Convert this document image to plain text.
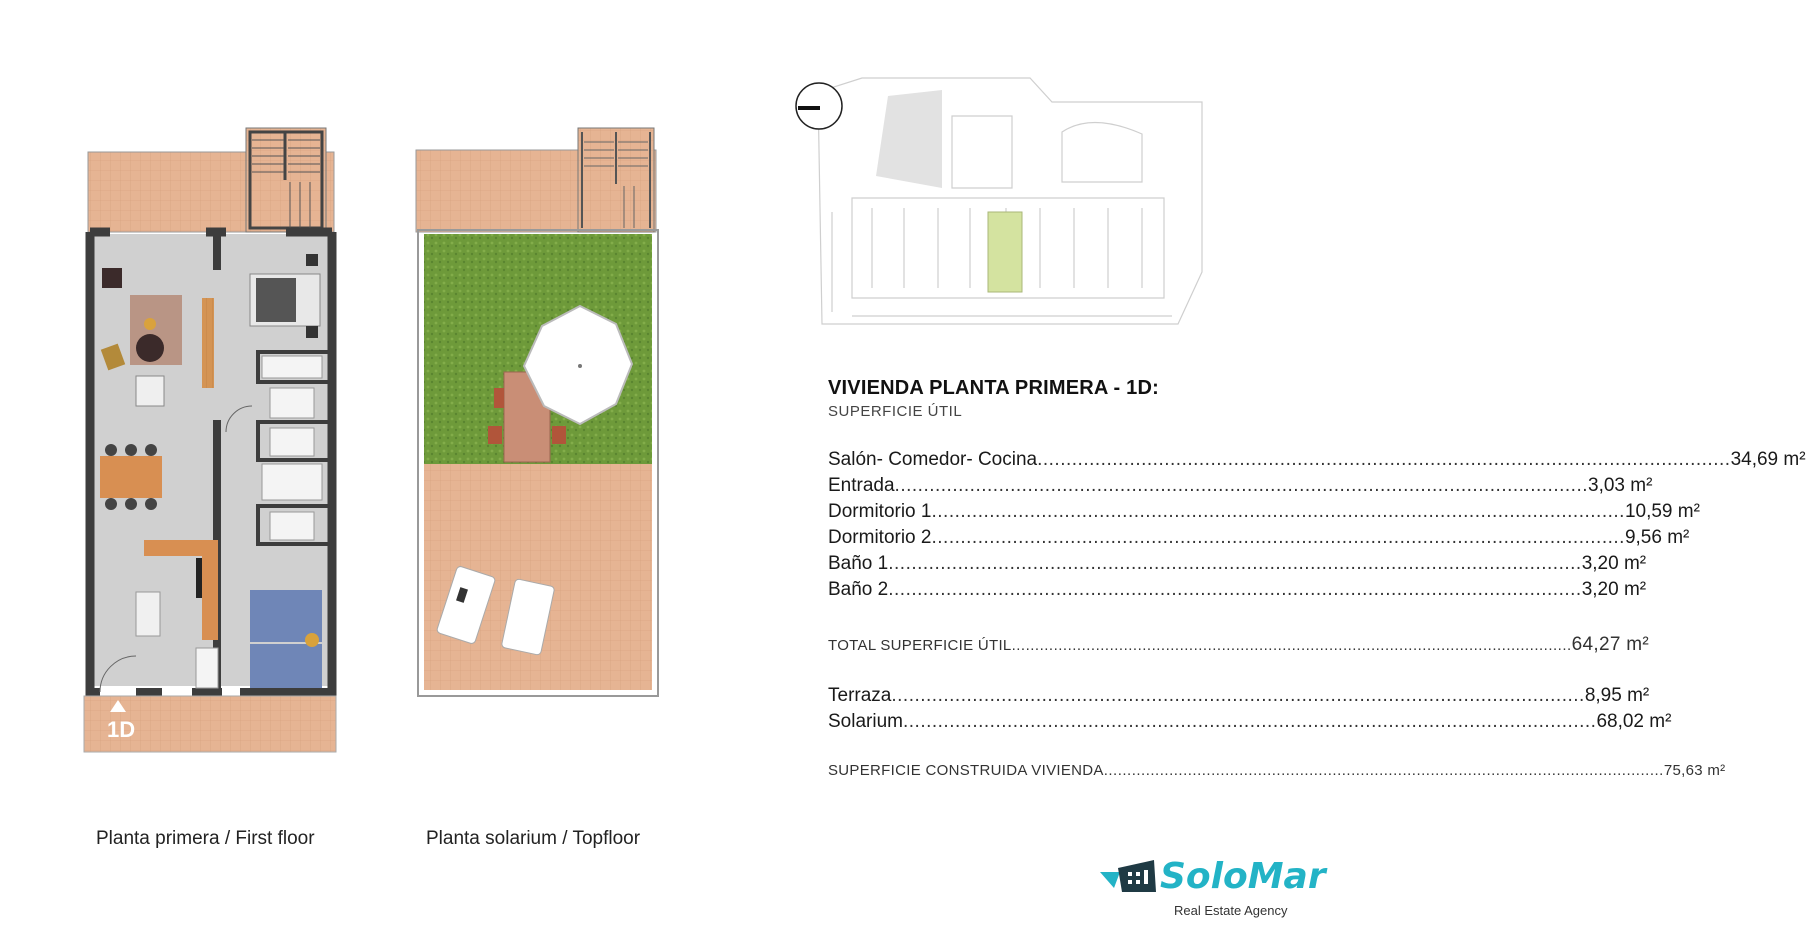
1D
Planta primera / First floor	Planta solarium / Topfloor
VIVIENDA PLANTA PRIMERA - 1D:
SUPERFICIE ÚTIL
Salón- Comedor- Cocina .....	34,69 m²
Entrada .....	3,03 m²
Dormitorio 1 .....	10,59 m²
Dormitorio 2 .....	9,56 m²
Baño 1 .....	3,20 m²
Baño 2 .....	3,20 m²
TOTAL SUPERFICIE ÚTIL .....	64,27 m²
Terraza .....	8,95 m²
Solarium .....	68,02 m²
SUPERFICIE CONSTRUIDA VIVIENDA .....	75,63 m²
SoloMar
Real Estate Agency
